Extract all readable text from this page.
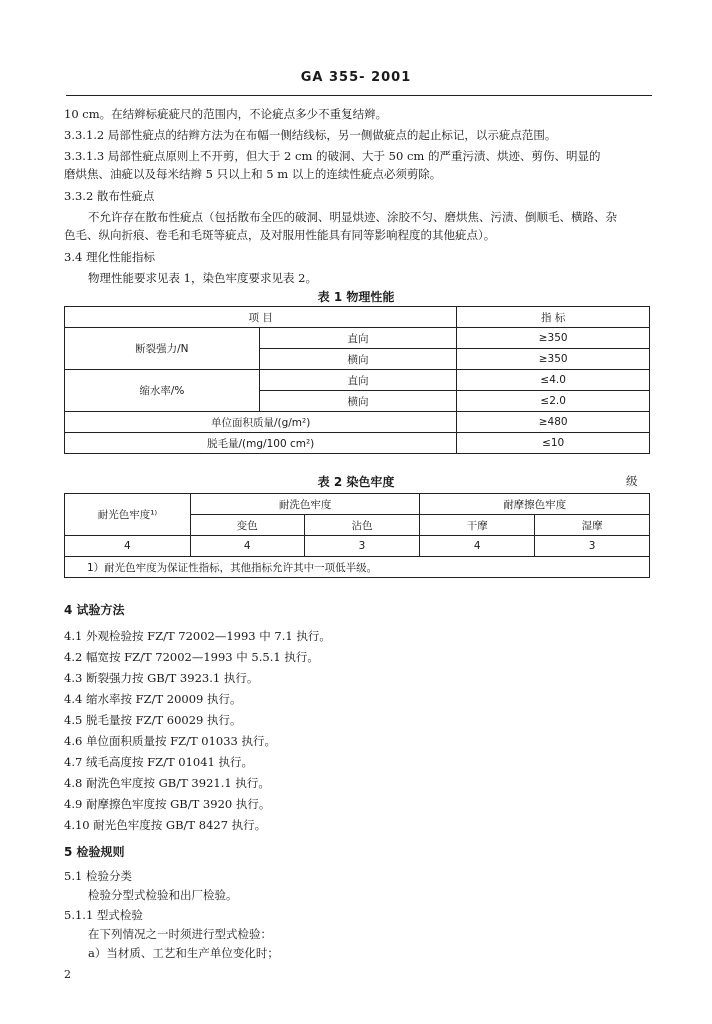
GA 355- 2001
10 cm。在结辫标疵疵尺的范围内，不论疵点多少不重复结辫。
3.3.1.2 局部性疵点的结辫方法为在布幅一侧结线标，另一侧做疵点的起止标记，以示疵点范围。
3.3.1.3 局部性疵点原则上不开剪，但大于 2 cm 的破洞、大于 50 cm 的严重污渍、烘迹、剪伤、明显的
磨烘焦、油疵以及每米结辫 5 只以上和 5 m 以上的连续性疵点必须剪除。
3.3.2 散布性疵点
不允许存在散布性疵点（包括散布全匹的破洞、明显烘迹、涂胶不匀、磨烘焦、污渍、倒顺毛、横路、杂
色毛、纵向折痕、卷毛和毛斑等疵点，及对服用性能具有同等影响程度的其他疵点）。
3.4 理化性能指标
物理性能要求见表 1，染色牢度要求见表 2。
表 1 物理性能
项 目		指 标
断裂强力/N	直向	≥350
	横向	≥350
缩水率/%	直向	≤4.0
	横向	≤2.0
单位面积质量/(g/m²)		≥480
脱毛量/(mg/100 cm²)		≤10
表 2 染色牢度	级
耐光色牢度¹⁾	耐洗色牢度		耐摩擦色牢度	
	变色	沾色	干摩	湿摩
4	4	3	4	3
1）耐光色牢度为保证性指标，其他指标允许其中一项低半级。				
4 试验方法
4.1 外观检验按 FZ/T 72002—1993 中 7.1 执行。
4.2 幅宽按 FZ/T 72002—1993 中 5.5.1 执行。
4.3 断裂强力按 GB/T 3923.1 执行。
4.4 缩水率按 FZ/T 20009 执行。
4.5 脱毛量按 FZ/T 60029 执行。
4.6 单位面积质量按 FZ/T 01033 执行。
4.7 绒毛高度按 FZ/T 01041 执行。
4.8 耐洗色牢度按 GB/T 3921.1 执行。
4.9 耐摩擦色牢度按 GB/T 3920 执行。
4.10 耐光色牢度按 GB/T 8427 执行。
5 检验规则
5.1 检验分类
检验分型式检验和出厂检验。
5.1.1 型式检验
在下列情况之一时须进行型式检验：
a）当材质、工艺和生产单位变化时；
2
